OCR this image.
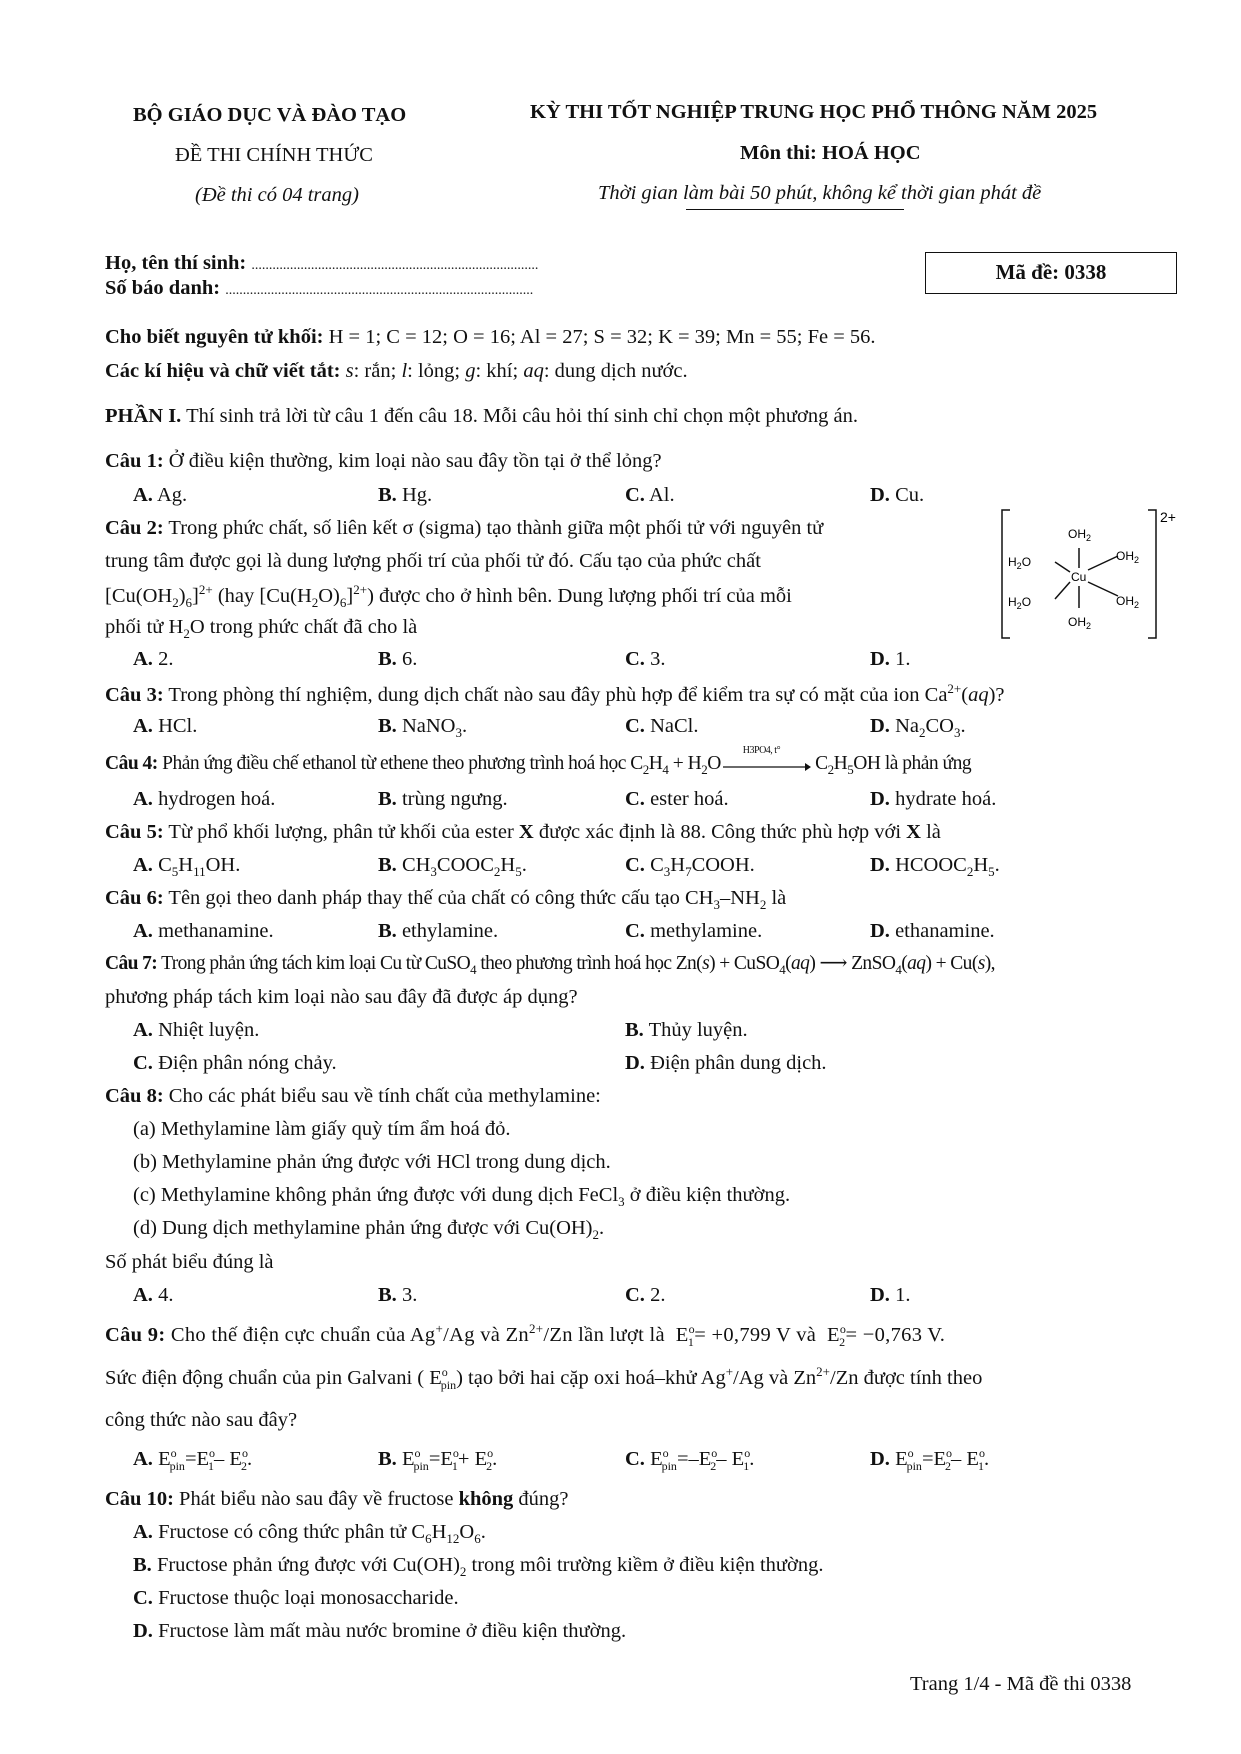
BỘ GIÁO DỤC VÀ ĐÀO TẠO
ĐỀ THI CHÍNH THỨC
(Đề thi có 04 trang)
KỲ THI TỐT NGHIỆP TRUNG HỌC PHỔ THÔNG NĂM 2025
Môn thi: HOÁ HỌC
Thời gian làm bài 50 phút, không kể thời gian phát đề
Họ, tên thí sinh: ..................................................................................
Số báo danh: ........................................................................................
Mã đề: 0338
Cho biết nguyên tử khối: H = 1; C = 12; O = 16; Al = 27; S = 32; K = 39; Mn = 55; Fe = 56.
Các kí hiệu và chữ viết tắt: s: rắn; l: lỏng; g: khí; aq: dung dịch nước.
PHẦN I. Thí sinh trả lời từ câu 1 đến câu 18. Mỗi câu hỏi thí sinh chỉ chọn một phương án.
Câu 1: Ở điều kiện thường, kim loại nào sau đây tồn tại ở thể lỏng?
A. Ag.	B. Hg.	C. Al.	D. Cu.
Câu 2: Trong phức chất, số liên kết σ (sigma) tạo thành giữa một phối tử với nguyên tử
trung tâm được gọi là dung lượng phối trí của phối tử đó. Cấu tạo của phức chất
$[Cu(OH_2)_6]^{2+}$ (hay $[Cu(H_2O)_6]^{2+}$) được cho ở hình bên. Dung lượng phối trí của mỗi
phối tử $H_2O$ trong phức chất đã cho là
A. 2.	B. 6.	C. 3.	D. 1.
$OH_2$
$H_2O$	$OH_2$
Cu
$H_2O$	$OH_2$
$OH_2$
2+
Câu 3: Trong phòng thí nghiệm, dung dịch chất nào sau đây phù hợp để kiểm tra sự có mặt của ion $Ca^{2+}(aq)$?
A. HCl.	B. NaNO$_3$.	C. NaCl.	D. $Na_2CO_3$.
Câu 4: Phản ứng điều chế ethanol từ ethene theo phương trình hoá học $C_2H_4 + H_2O$
H3PO4, t°
$C_2H_5OH$ là phản ứng
A. hydrogen hoá.	B. trùng ngưng.	C. ester hoá.	D. hydrate hoá.
Câu 5: Từ phổ khối lượng, phân tử khối của ester X được xác định là 88. Công thức phù hợp với X là
A. $C_5H_{11}OH$.	B. $CH_3COOC_2H_5$.	C. $C_3H_7COOH$.	D. $HCOOC_2H_5$.
Câu 6: Tên gọi theo danh pháp thay thế của chất có công thức cấu tạo $CH_3-NH_2$ là
A. methanamine.	B. ethylamine.	C. methylamine.	D. ethanamine.
Câu 7: Trong phản ứng tách kim loại Cu từ CuSO$_4$ theo phương trình hoá học Zn(s) + CuSO$_4$(aq) ⟶ ZnSO$_4$(aq) + Cu(s),
phương pháp tách kim loại nào sau đây đã được áp dụng?
A. Nhiệt luyện.	B. Thủy luyện.
C. Điện phân nóng chảy.	D. Điện phân dung dịch.
Câu 8: Cho các phát biểu sau về tính chất của methylamine:
(a) Methylamine làm giấy quỳ tím ẩm hoá đỏ.
(b) Methylamine phản ứng được với HCl trong dung dịch.
(c) Methylamine không phản ứng được với dung dịch FeCl$_3$ ở điều kiện thường.
(d) Dung dịch methylamine phản ứng được với $Cu(OH)_2$.
Số phát biểu đúng là
A. 4.	B. 3.	C. 2.	D. 1.
Câu 9: Cho thế điện cực chuẩn của Ag+/Ag và $Zn^{2+}/Zn$ lần lượt là  $E^o_1= +0,799$ V và  $E^o_2= -0,763$ V.
Sức điện động chuẩn của pin Galvani ( $E^o_{pin}$) tạo bởi hai cặp oxi hoá–khử Ag+/Ag và $Zn^{2+}/Zn$ được tính theo
công thức nào sau đây?
A. $E^o_{pin}=E^o_1-$ $E^o_2$.	B. $E^o_{pin}=E^o_1+ E^o_2$.	C. $E^o_{pin}=-E^o_2-$ $E^o_1$.	D. $E^o_{pin}=E^o_2-$ $E^o_1$.
Câu 10: Phát biểu nào sau đây về fructose không đúng?
A. Fructose có công thức phân tử $C_6H_{12}O_6$.
B. Fructose phản ứng được với $Cu(OH)_2$ trong môi trường kiềm ở điều kiện thường.
C. Fructose thuộc loại monosaccharide.
D. Fructose làm mất màu nước bromine ở điều kiện thường.
Trang 1/4 - Mã đề thi 0338
